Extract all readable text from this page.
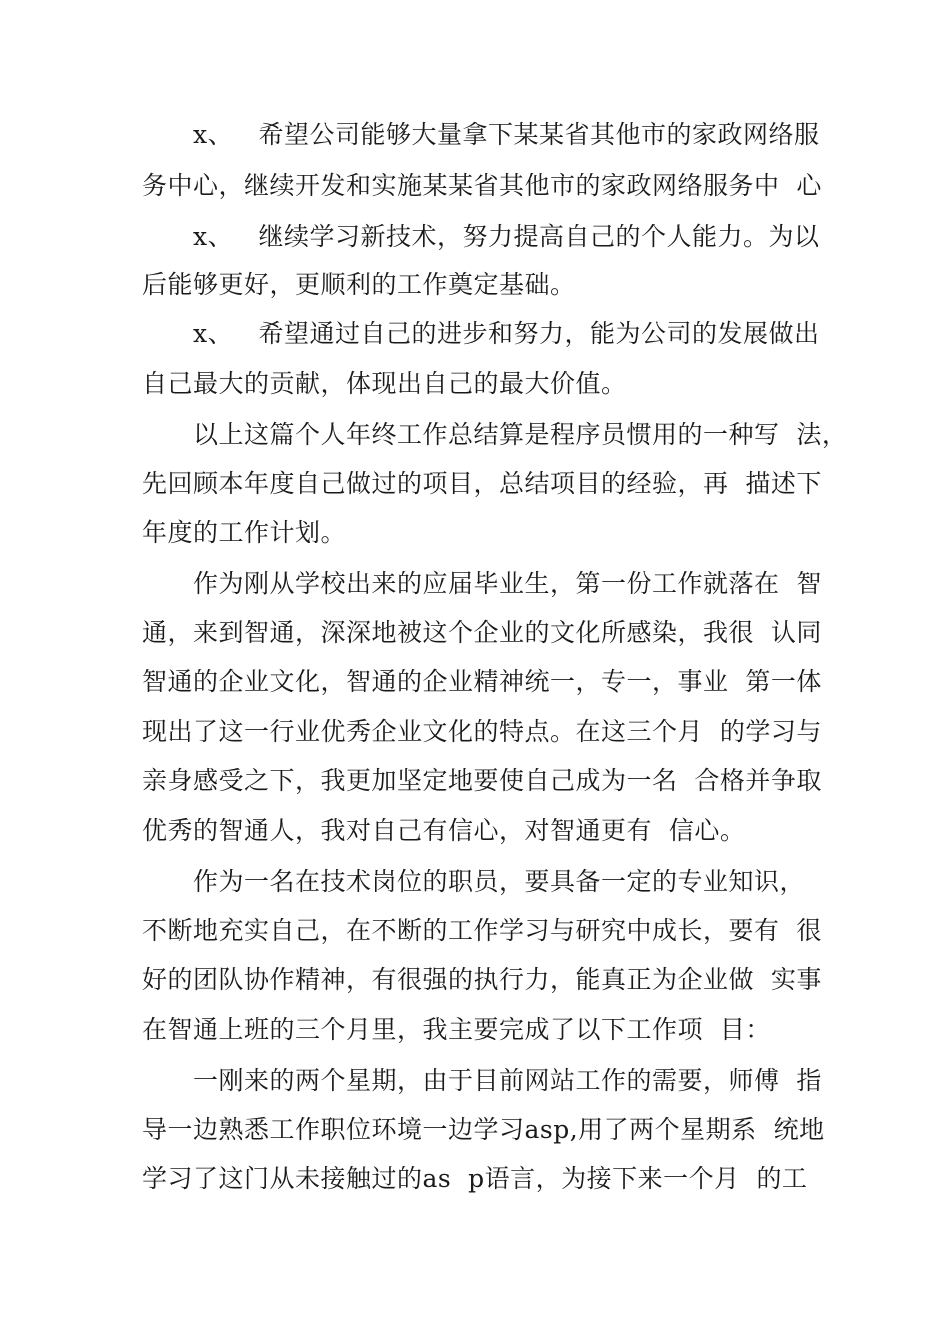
x、   希望公司能够大量拿下某某省其他市的家政网络服
务中心，继续开发和实施某某省其他市的家政网络服务中  心
x、   继续学习新技术，努力提高自己的个人能力。为以
后能够更好，更顺利的工作奠定基础。
x、   希望通过自己的进步和努力，能为公司的发展做出
自己最大的贡献，体现出自己的最大价值。
以上这篇个人年终工作总结算是程序员惯用的一种写  法，
先回顾本年度自己做过的项目，总结项目的经验，再  描述下
年度的工作计划。
作为刚从学校出来的应届毕业生，第一份工作就落在  智
通，来到智通，深深地被这个企业的文化所感染，我很  认同
智通的企业文化，智通的企业精神统一，专一，事业  第一体
现出了这一行业优秀企业文化的特点。在这三个月  的学习与
亲身感受之下，我更加坚定地要使自己成为一名  合格并争取
优秀的智通人，我对自己有信心，对智通更有  信心。
作为一名在技术岗位的职员，要具备一定的专业知识，
不断地充实自己，在不断的工作学习与研究中成长，要有  很
好的团队协作精神，有很强的执行力，能真正为企业做  实事
在智通上班的三个月里，我主要完成了以下工作项  目：
一刚来的两个星期，由于目前网站工作的需要，师傅  指
导一边熟悉工作职位环境一边学习asp,用了两个星期系  统地
学习了这门从未接触过的as  p语言，为接下来一个月  的工
